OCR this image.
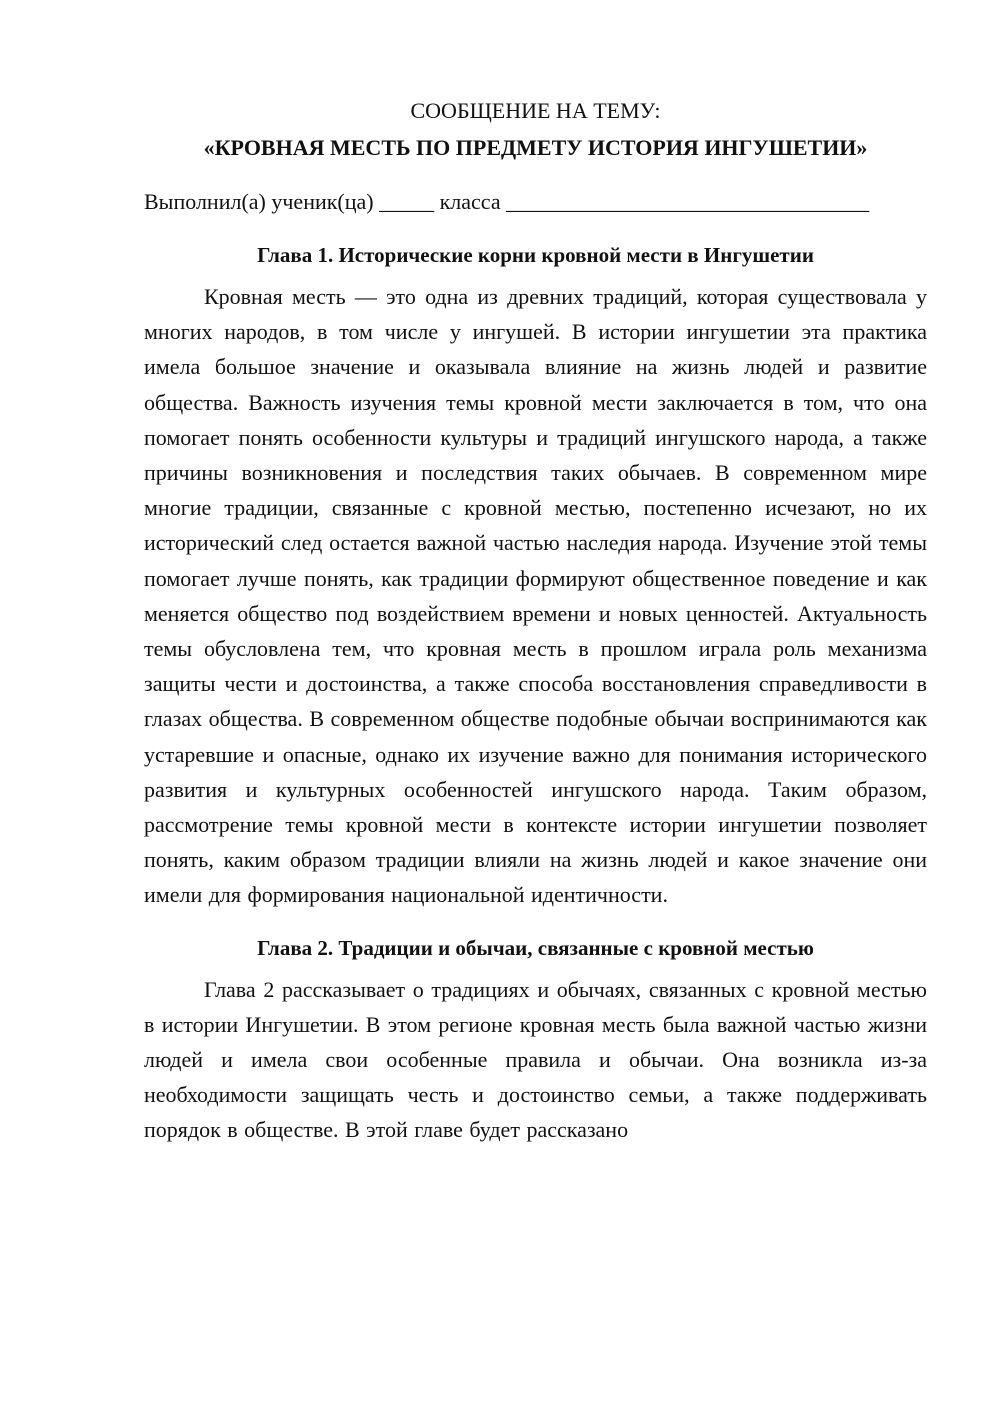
СООБЩЕНИЕ НА ТЕМУ:

«КРОВНАЯ МЕСТЬ ПО ПРЕДМЕТУ ИСТОРИЯ ИНГУШЕТИИ»

Выполнил(а) ученик(ца) _____ класса _________________________________

Глава 1. Исторические корни кровной мести в Ингушетии

Кровная месть — это одна из древних традиций, которая существовала у многих народов, в том числе у ингушей. В истории ингушетии эта практика имела большое значение и оказывала влияние на жизнь людей и развитие общества. Важность изучения темы кровной мести заключается в том, что она помогает понять особенности культуры и традиций ингушского народа, а также причины возникновения и последствия таких обычаев. В современном мире многие традиции, связанные с кровной местью, постепенно исчезают, но их исторический след остается важной частью наследия народа. Изучение этой темы помогает лучше понять, как традиции формируют общественное поведение и как меняется общество под воздействием времени и новых ценностей. Актуальность темы обусловлена тем, что кровная месть в прошлом играла роль механизма защиты чести и достоинства, а также способа восстановления справедливости в глазах общества. В современном обществе подобные обычаи воспринимаются как устаревшие и опасные, однако их изучение важно для понимания исторического развития и культурных особенностей ингушского народа. Таким образом, рассмотрение темы кровной мести в контексте истории ингушетии позволяет понять, каким образом традиции влияли на жизнь людей и какое значение они имели для формирования национальной идентичности.

Глава 2. Традиции и обычаи, связанные с кровной местью

Глава 2 рассказывает о традициях и обычаях, связанных с кровной местью в истории Ингушетии. В этом регионе кровная месть была важной частью жизни людей и имела свои особенные правила и обычаи. Она возникла из-за необходимости защищать честь и достоинство семьи, а также поддерживать порядок в обществе. В этой главе будет рассказано
